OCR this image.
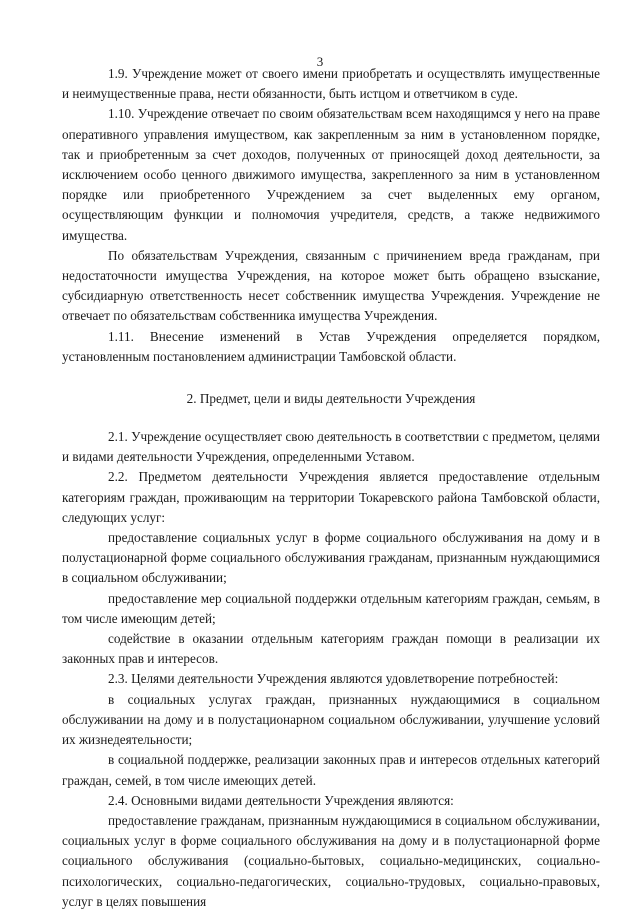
3

1.9. Учреждение может от своего имени приобретать и осуществлять имущественные и неимущественные права, нести обязанности, быть истцом и ответчиком в суде.

1.10. Учреждение отвечает по своим обязательствам всем находящимся у него на праве оперативного управления имуществом, как закрепленным за ним в установленном порядке, так и приобретенным за счет доходов, полученных от приносящей доход деятельности, за исключением особо ценного движимого имущества, закрепленного за ним в установленном порядке или приобретенного Учреждением за счет выделенных ему органом, осуществляющим функции и полномочия учредителя, средств, а также недвижимого имущества.

По обязательствам Учреждения, связанным с причинением вреда гражданам, при недостаточности имущества Учреждения, на которое может быть обращено взыскание, субсидиарную ответственность несет собственник имущества Учреждения. Учреждение не отвечает по обязательствам собственника имущества Учреждения.

1.11. Внесение изменений в Устав Учреждения определяется порядком, установленным постановлением администрации Тамбовской области.

2. Предмет, цели и виды деятельности Учреждения

2.1. Учреждение осуществляет свою деятельность в соответствии с предметом, целями и видами деятельности Учреждения, определенными Уставом.

2.2. Предметом деятельности Учреждения является предоставление отдельным категориям граждан, проживающим на территории Токаревского района Тамбовской области, следующих услуг:

предоставление социальных услуг в форме социального обслуживания на дому и в полустационарной форме социального обслуживания гражданам, признанным нуждающимися в социальном обслуживании;

предоставление мер социальной поддержки отдельным категориям граждан, семьям, в том числе имеющим детей;

содействие в оказании отдельным категориям граждан помощи в реализации их законных прав и интересов.

2.3. Целями деятельности Учреждения являются удовлетворение потребностей:

в социальных услугах граждан, признанных нуждающимися в социальном обслуживании на дому и в полустационарном социальном обслуживании, улучшение условий их жизнедеятельности;

в социальной поддержке, реализации законных прав и интересов отдельных категорий граждан, семей, в том числе имеющих детей.

2.4. Основными видами деятельности Учреждения являются:

предоставление гражданам, признанным нуждающимися в социальном обслуживании, социальных услуг в форме социального обслуживания на дому и в полустационарной форме социального обслуживания (социально-бытовых, социально-медицинских, социально-психологических, социально-педагогических, социально-трудовых, социально-правовых, услуг в целях повышения
